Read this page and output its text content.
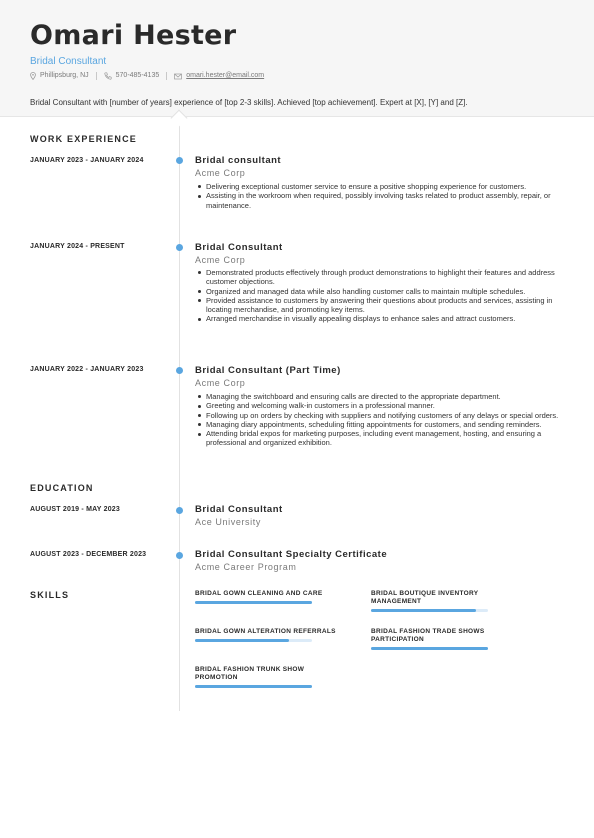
Omari Hester
Bridal Consultant
Phillipsburg, NJ	570-485-4135	omari.hester@email.com
Bridal Consultant with [number of years] experience of [top 2-3 skills]. Achieved [top achievement]. Expert at [X], [Y] and [Z].
WORK EXPERIENCE
JANUARY 2023 - JANUARY 2024	Bridal consultant
Acme Corp
Delivering exceptional customer service to ensure a positive shopping experience for customers.
Assisting in the workroom when required, possibly involving tasks related to product assembly, repair, or maintenance.
JANUARY 2024 - PRESENT	Bridal Consultant
Acme Corp
Demonstrated products effectively through product demonstrations to highlight their features and address customer objections.
Organized and managed data while also handling customer calls to maintain multiple schedules.
Provided assistance to customers by answering their questions about products and services, assisting in locating merchandise, and promoting key items.
Arranged merchandise in visually appealing displays to enhance sales and attract customers.
JANUARY 2022 - JANUARY 2023	Bridal Consultant (Part Time)
Acme Corp
Managing the switchboard and ensuring calls are directed to the appropriate department.
Greeting and welcoming walk-in customers in a professional manner.
Following up on orders by checking with suppliers and notifying customers of any delays or special orders.
Managing diary appointments, scheduling fitting appointments for customers, and sending reminders.
Attending bridal expos for marketing purposes, including event management, hosting, and ensuring a professional and organized exhibition.
EDUCATION
AUGUST 2019 - MAY 2023	Bridal Consultant
Ace University
AUGUST 2023 - DECEMBER 2023	Bridal Consultant Specialty Certificate
Acme Career Program
SKILLS	BRIDAL GOWN CLEANING AND CARE	BRIDAL BOUTIQUE INVENTORY MANAGEMENT
BRIDAL GOWN ALTERATION REFERRALS	BRIDAL FASHION TRADE SHOWS PARTICIPATION
BRIDAL FASHION TRUNK SHOW PROMOTION
